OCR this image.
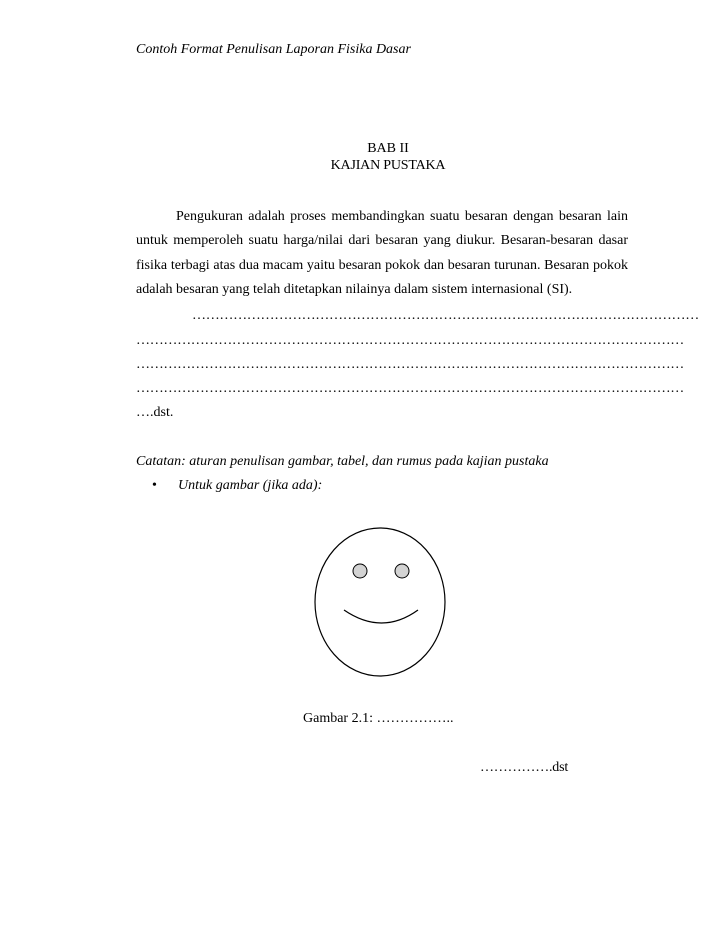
Contoh Format Penulisan Laporan Fisika Dasar
BAB II
KAJIAN PUSTAKA
Pengukuran adalah proses membandingkan suatu besaran dengan besaran lain untuk memperoleh suatu harga/nilai dari besaran yang diukur. Besaran-besaran dasar fisika terbagi atas dua macam yaitu besaran pokok dan besaran turunan. Besaran pokok adalah besaran yang telah ditetapkan nilainya dalam sistem internasional (SI).
…………………………………………………………………………………………………
…………………………………………………………………………………………………………
…………………………………………………………………………………………………………
…………………………………………………………………………………………………………
….dst.
Catatan: aturan penulisan gambar, tabel, dan rumus pada kajian pustaka
• Untuk gambar (jika ada):
Gambar 2.1: ……………..
…………….dst
